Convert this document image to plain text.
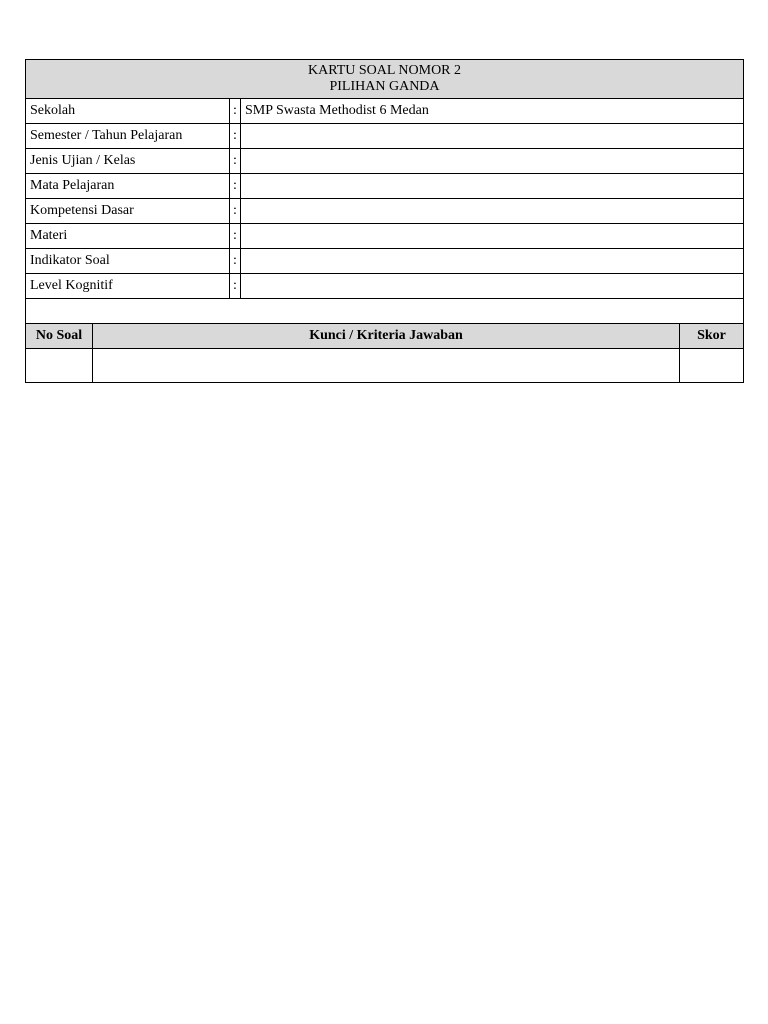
KARTU SOAL NOMOR 2
PILIHAN GANDA				

Sekolah		:	SMP Swasta Methodist 6 Medan	
Semester / Tahun Pelajaran		:		
Jenis Ujian / Kelas		:		
Mata Pelajaran		:		
Kompetensi Dasar		:		
Materi		:		
Indikator Soal		:		
Level Kognitif		:		

No Soal	Kunci / Kriteria Jawaban			Skor
